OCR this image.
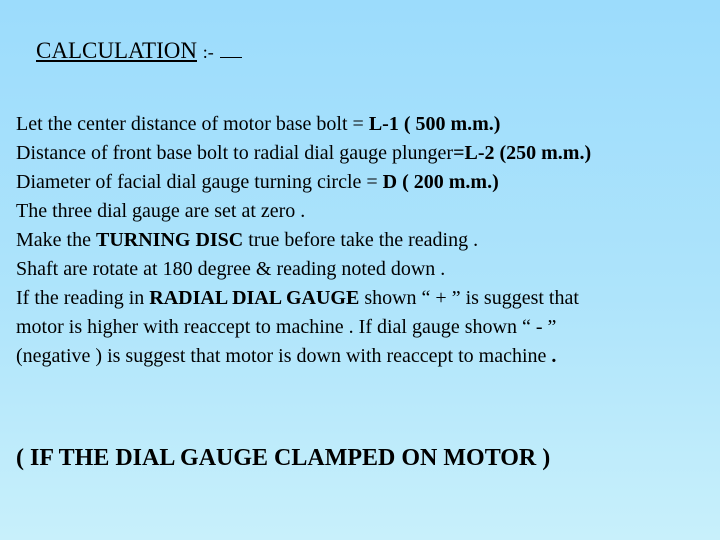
CALCULATION :-
Let the center distance of motor base bolt = L-1 ( 500 m.m.)
Distance of front base bolt to radial dial gauge plunger=L-2 (250 m.m.)
Diameter of facial dial gauge turning circle = D ( 200 m.m.)
The three dial gauge are set at zero .
Make the TURNING DISC true before take the reading .
Shaft are rotate at 180 degree & reading noted down .
If the reading in RADIAL DIAL GAUGE shown “ + ” is suggest that
motor is higher with reaccept to machine . If dial gauge shown “ - ”
(negative ) is suggest that motor is down with reaccept to machine .
( IF THE DIAL GAUGE CLAMPED ON MOTOR )
